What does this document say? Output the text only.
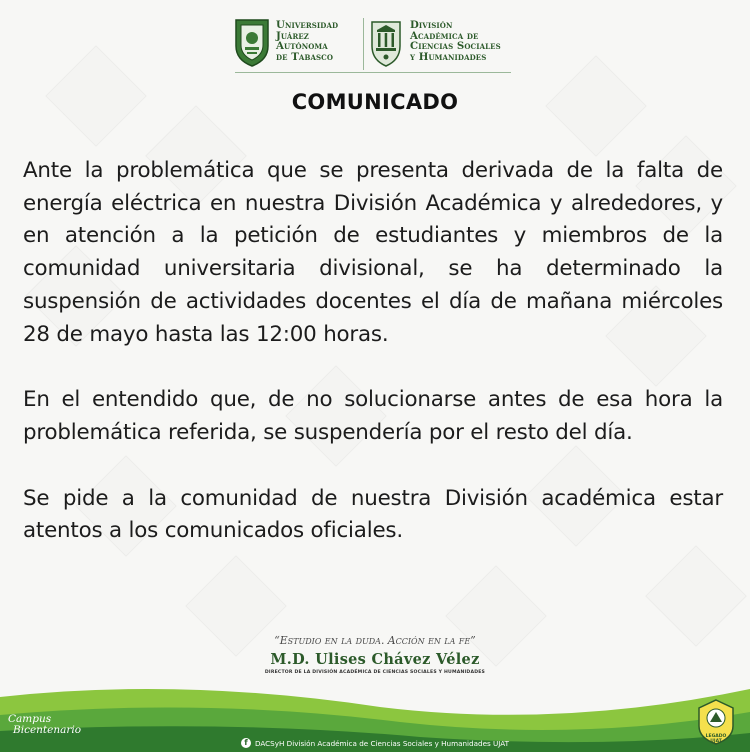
Universidad
Juárez
Autónoma
de Tabasco
División
Académica de
Ciencias Sociales
y Humanidades
COMUNICADO

Ante la problemática que se presenta derivada de la falta de energía eléctrica en nuestra División Académica y alrededores, y en atención a la petición de estudiantes y miembros de la comunidad universitaria divisional, se ha determinado la suspensión de actividades docentes el día de mañana miércoles 28 de mayo hasta las 12:00 horas.

En el entendido que, de no solucionarse antes de esa hora la problemática referida, se suspendería por el resto del día.

Se pide a la comunidad de nuestra División académica estar atentos a los comunicados oficiales.

“Estudio en la duda. Acción en la fe”
M.D. Ulises Chávez Vélez
DIRECTOR DE LA DIVISIÓN ACADÉMICA DE CIENCIAS SOCIALES Y HUMANIDADES
Campus
Bicentenario
LEGADO
UJAT
f	DACSyH División Académica de Ciencias Sociales y Humanidades UJAT
